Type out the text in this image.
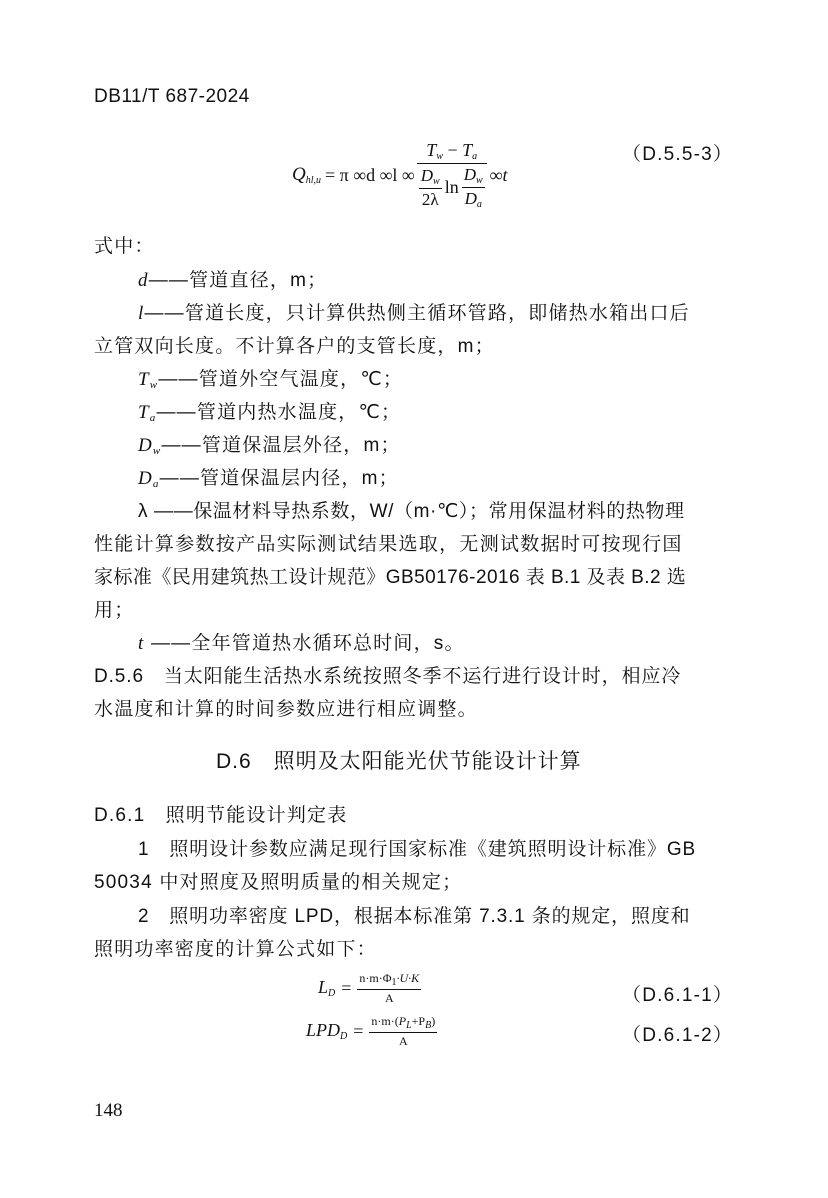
DB11/T 687-2024
$Q_{hl,u} = \pi$ ∞d ∞l ∞ $\frac{T_w - T_a}{\frac{D_w}{2\lambda} \ln \frac{D_w}{D_a}} \infty t$
（D.5.5-3）
式中：
d——管道直径，m；
l——管道长度，只计算供热侧主循环管路，即储热水箱出口后
立管双向长度。不计算各户的支管长度，m；
$T_w——$管道外空气温度，℃；
$T_a——$管道内热水温度，℃；
$D_w——$管道保温层外径，m；
$D_a——$管道保温层内径，m；
λ ——保温材料导热系数，W/（m·℃）；常用保温材料的热物理
性能计算参数按产品实际测试结果选取，无测试数据时可按现行国
家标准《民用建筑热工设计规范》GB50176-2016 表 B.1 及表 B.2 选
用；
t ——全年管道热水循环总时间，s。
D.5.6　当太阳能生活热水系统按照冬季不运行进行设计时，相应冷
水温度和计算的时间参数应进行相应调整。
D.6　照明及太阳能光伏节能设计计算
D.6.1　照明节能设计判定表
1　照明设计参数应满足现行国家标准《建筑照明设计标准》GB
50034 中对照度及照明质量的相关规定；
2　照明功率密度 LPD，根据本标准第 7.3.1 条的规定，照度和
照明功率密度的计算公式如下：
$L_D = \frac{n\cdot m\cdot\Phi_1\cdot U\cdot K}{A}$	（D.6.1-1）
$LPD_D = \frac{n\cdot m\cdot(P_L+P_B)}{A}$	（D.6.1-2）
148
